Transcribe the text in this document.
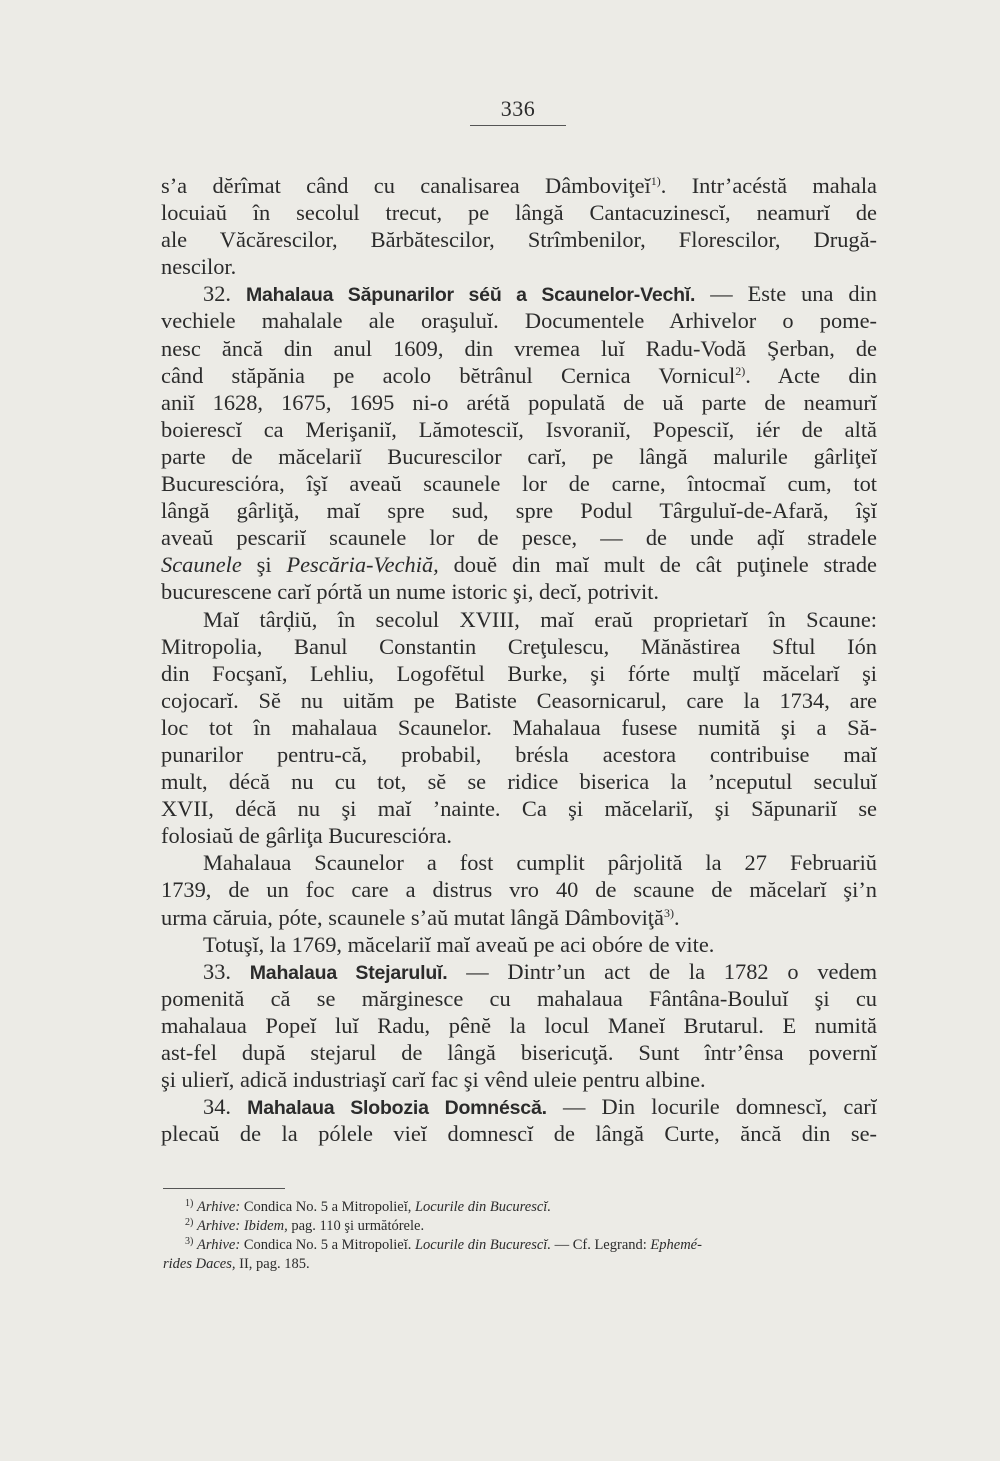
336
s’a dĕrîmat când cu canalisarea Dâmboviţeĭ$^{1)}$. Intr’acéstă mahala
locuiaŭ în secolul trecut, pe lângă Cantacuzinescĭ, neamurĭ de
ale Văcărescilor, Bărbătescilor, Strîmbenilor, Florescilor, Drugă-
nescilor.
32. Mahalaua Săpunarilor séŭ a Scaunelor-Vechĭ. — Este una din
vechiele mahalale ale oraşuluĭ. Documentele Arhivelor o pome-
nesc ăncă din anul 1609, din vremea luĭ Radu-Vodă Şerban, de
când stăpănia pe acolo bĕtrânul Cernica Vornicul$^{2)}$. Acte din
aniĭ 1628, 1675, 1695 ni-o arétă populată de uă parte de neamurĭ
boierescĭ ca Merişaniĭ, Lămotesciĭ, Isvoraniĭ, Popesciĭ, iér de altă
parte de măcelariĭ Bucurescilor carĭ, pe lângă malurile gârliţeĭ
Bucuresciόra, îşĭ aveaŭ scaunele lor de carne, întocmaĭ cum, tot
lângă gârliţă, maĭ spre sud, spre Podul Târguluĭ-de-Afară, îşĭ
aveaŭ pescariĭ scaunele lor de pesce, — de unde aḑĭ stradele
Scaunele şi Pescăria-Vechiă, douĕ din maĭ mult de cât puţinele strade
bucurescene carĭ pórtă un nume istoric şi, decĭ, potrivit.
Maĭ târḑiŭ, în secolul XVIII, maĭ eraŭ proprietarĭ în Scaune:
Mitropolia, Banul Constantin Creţulescu, Mănăstirea Sftul Ión
din Focşanĭ, Lehliu, Logofĕtul Burke, şi fórte mulţĭ măcelarĭ şi
cojocarĭ. Sĕ nu uităm pe Batiste Ceasornicarul, care la 1734, are
loc tot în mahalaua Scaunelor. Mahalaua fusese numită şi a Să-
punarilor pentru-că, probabil, brésla acestora contribuise maĭ
mult, décă nu cu tot, sĕ se ridice biserica la ’nceputul seculuĭ
XVII, décă nu şi maĭ ’nainte. Ca şi măcelariĭ, şi Săpunariĭ se
folosiaŭ de gârliţa Bucuresciόra.
Mahalaua Scaunelor a fost cumplit pârjolită la 27 Februariŭ
1739, de un foc care a distrus vro 40 de scaune de măcelarĭ şi’n
urma căruia, póte, scaunele s’aŭ mutat lângă Dâmboviţă$^{3)}$.
Totuşĭ, la 1769, măcelariĭ maĭ aveaŭ pe aci obóre de vite.
33. Mahalaua Stejaruluĭ. — Dintr’un act de la 1782 o vedem
pomenită că se mărginesce cu mahalaua Fântâna-Bouluĭ şi cu
mahalaua Popeĭ luĭ Radu, pênĕ la locul Maneĭ Brutarul. E numită
ast-fel după stejarul de lângă bisericuţă. Sunt într’ênsa povernĭ
şi ulierĭ, adică industriaşĭ carĭ fac şi vênd uleie pentru albine.
34. Mahalaua Slobozia Domnéscă. — Din locurile domnescĭ, carĭ
plecaŭ de la pólele vieĭ domnescĭ de lângă Curte, ăncă din se-
$^{1)}$ Arhive: Condica No. 5 a Mitropolieĭ, Locurile din Bucurescĭ.
$^{2)}$ Arhive: Ibidem, pag. 110 şi următórele.
$^{3)}$ Arhive: Condica No. 5 a Mitropolieĭ. Locurile din Bucurescĭ. — Cf. Legrand: Ephemé-
rides Daces, II, pag. 185.
